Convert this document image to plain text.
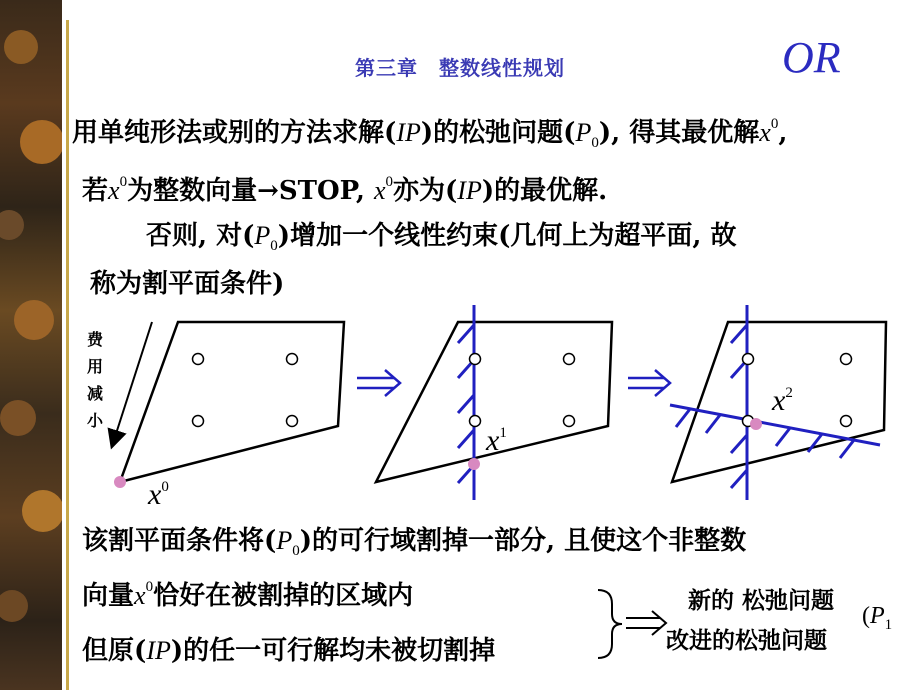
第三章　整数线性规划	OR
用单纯形法或别的方法求解(IP)的松弛问题$(P_0)$, 得其最优解$x^0$,
若$x^0$为整数向量→STOP, $x^0$亦为(IP)的最优解.
否则, 对$(P_0)$增加一个线性约束(几何上为超平面, 故
称为割平面条件)
费
用
减
小
$x^0$
$x^1$
$x^2$
该割平面条件将$(P_0)$的可行域割掉一部分, 且使这个非整数
向量$x^0$恰好在被割掉的区域内
但原(IP)的任一可行解均未被切割掉
新的 松弛问题
改进的松弛问题
($P_1$
